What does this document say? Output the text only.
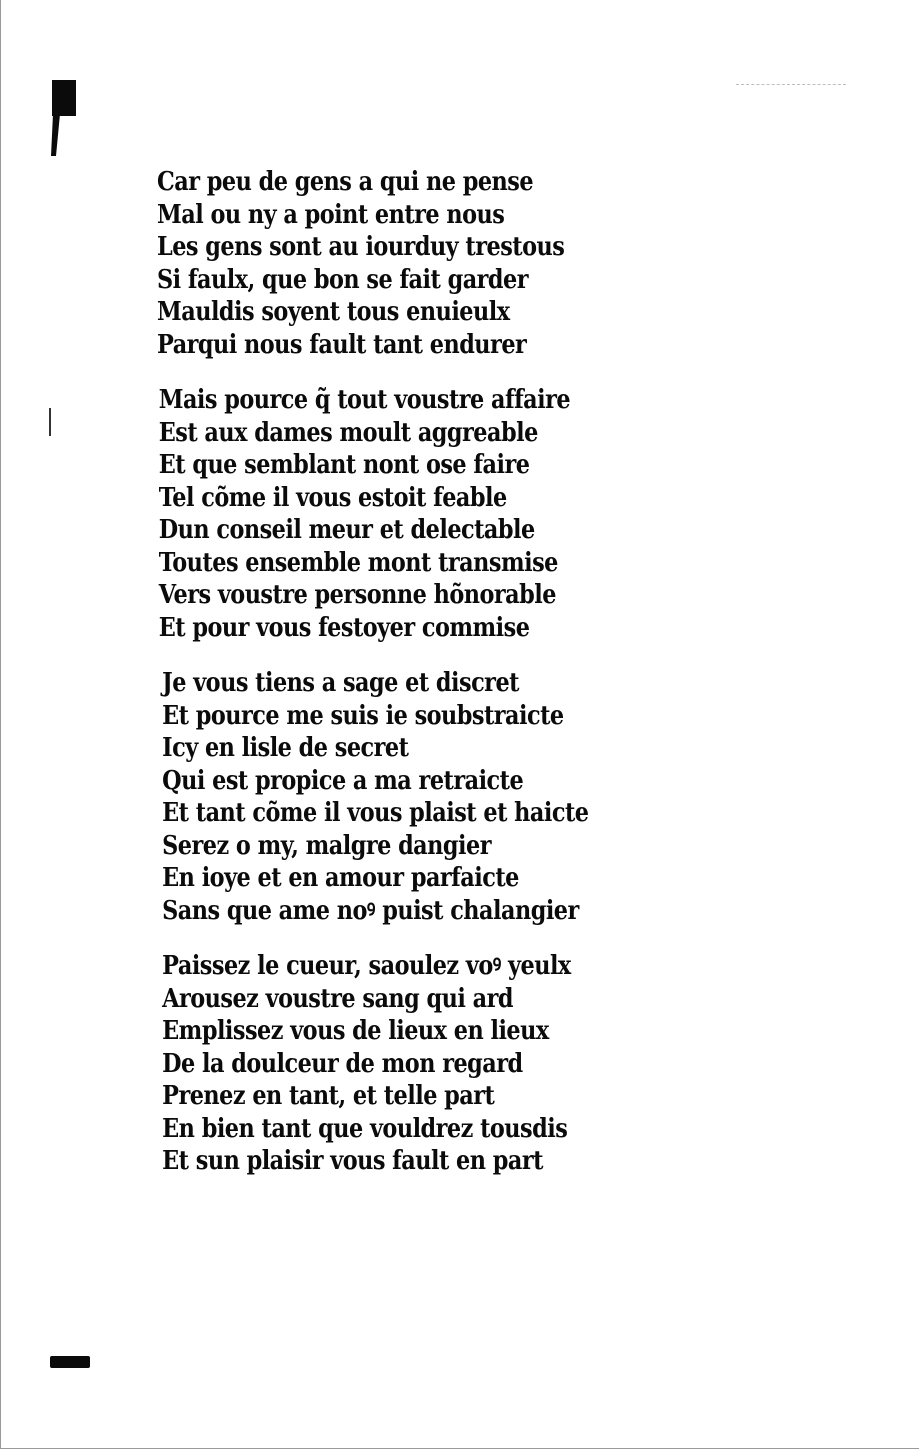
Car peu de gens a qui ne pense
Mal ou ny a point entre nous
Les gens sont au iourduy trestous
Si faulx, que bon se fait garder
Mauldis soyent tous enuieulx
Parqui nous fault tant endurer
Mais pource q̃ tout voustre affaire
Est aux dames moult aggreable
Et que semblant nont ose faire
Tel cõme il vous estoit feable
Dun conseil meur et delectable
Toutes ensemble mont transmise
Vers voustre personne hõnorable
Et pour vous festoyer commise
Je vous tiens a sage et discret
Et pource me suis ie soubstraicte
Icy en lisle de secret
Qui est propice a ma retraicte
Et tant cõme il vous plaist et haicte
Serez o my, malgre dangier
En ioye et en amour parfaicte
Sans que ame noꝰ puist chalangier
Paissez le cueur, saoulez voꝰ yeulx
Arousez voustre sang qui ard
Emplissez vous de lieux en lieux
De la doulceur de mon regard
Prenez en tant, et telle part
En bien tant que vouldrez tousdis
Et sun plaisir vous fault en part
